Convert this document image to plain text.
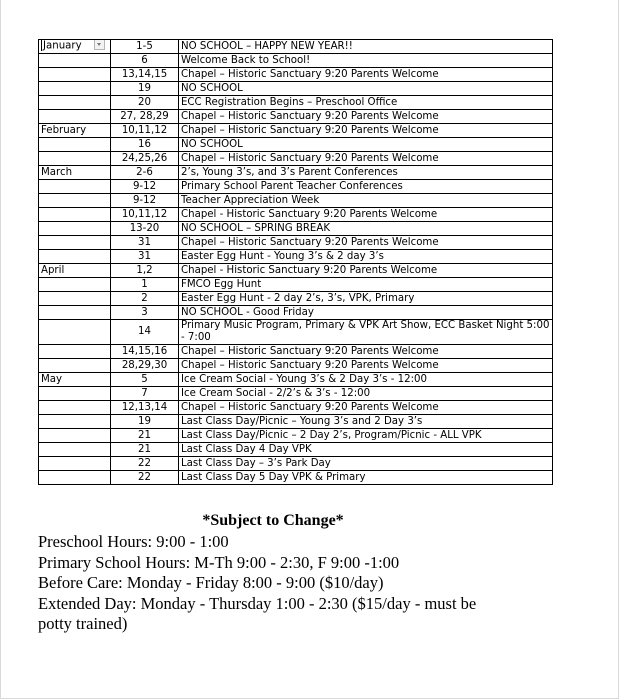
January	1-5	NO SCHOOL – HAPPY NEW YEAR!!
	6	Welcome Back to School!
	13,14,15	Chapel – Historic Sanctuary 9:20 Parents Welcome
	19	NO SCHOOL
	20	ECC Registration Begins – Preschool Office
	27, 28,29	Chapel – Historic Sanctuary 9:20 Parents Welcome
February	10,11,12	Chapel – Historic Sanctuary 9:20 Parents Welcome
	16	NO SCHOOL
	24,25,26	Chapel – Historic Sanctuary 9:20 Parents Welcome
March	2-6	2’s, Young 3’s, and 3’s Parent Conferences
	9-12	Primary School Parent Teacher Conferences
	9-12	Teacher Appreciation Week
	10,11,12	Chapel - Historic Sanctuary 9:20 Parents Welcome
	13-20	NO SCHOOL – SPRING BREAK
	31	Chapel – Historic Sanctuary 9:20 Parents Welcome
	31	Easter Egg Hunt - Young 3’s & 2 day 3’s
April	1,2	Chapel - Historic Sanctuary 9:20 Parents Welcome
	1	FMCO Egg Hunt
	2	Easter Egg Hunt - 2 day 2’s, 3’s, VPK, Primary
	3	NO SCHOOL - Good Friday
	14	Primary Music Program, Primary & VPK Art Show, ECC Basket Night 5:00 - 7:00
	14,15,16	Chapel – Historic Sanctuary 9:20 Parents Welcome
	28,29,30	Chapel – Historic Sanctuary 9:20 Parents Welcome
May	5	Ice Cream Social - Young 3’s & 2 Day 3’s - 12:00
	7	Ice Cream Social - 2/2’s & 3’s - 12:00
	12,13,14	Chapel – Historic Sanctuary 9:20 Parents Welcome
	19	Last Class Day/Picnic – Young 3’s and 2 Day 3’s
	21	Last Class Day/Picnic – 2 Day 2’s, Program/Picnic - ALL VPK
	21	Last Class Day 4 Day VPK
	22	Last Class Day – 3’s Park Day
	22	Last Class Day 5 Day VPK & Primary
*Subject to Change*
Preschool Hours: 9:00 - 1:00
Primary School Hours: M-Th 9:00 - 2:30, F 9:00 -1:00
Before Care: Monday - Friday 8:00 - 9:00 ($10/day)
Extended Day: Monday - Thursday 1:00 - 2:30 ($15/day - must be potty trained)
